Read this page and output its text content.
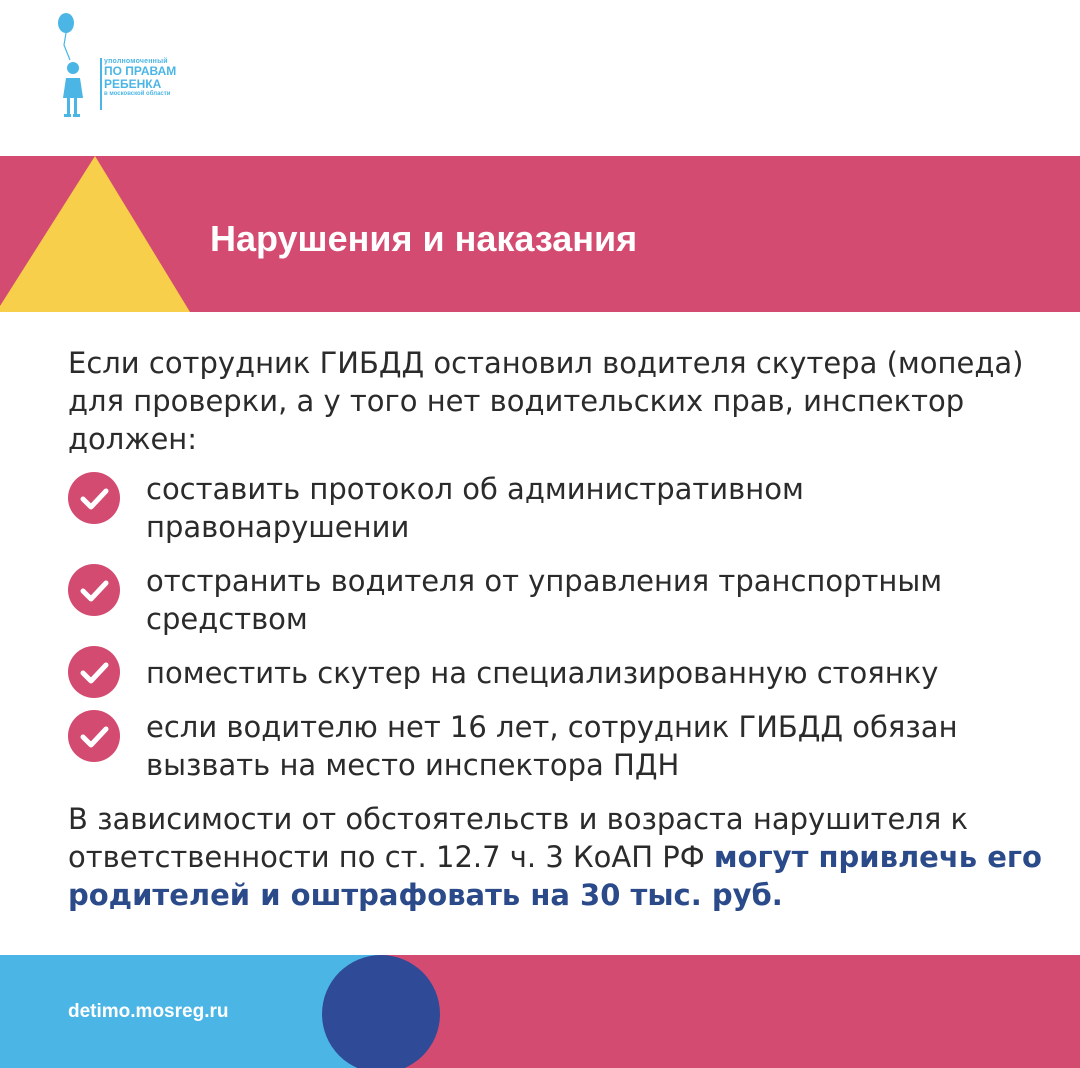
уполномоченный
ПО ПРАВАМ
РЕБЕНКА
в московской области
Нарушения и наказания

Если сотрудник ГИБДД остановил водителя скутера (мопеда) для проверки, а у того нет водительских прав, инспектор должен:

составить протокол об административном правонарушении
отстранить водителя от управления транспортным средством
поместить скутер на специализированную стоянку
если водителю нет 16 лет, сотрудник ГИБДД обязан вызвать на место инспектора ПДН

В зависимости от обстоятельств и возраста нарушителя к ответственности по ст. 12.7 ч. 3 КоАП РФ могут привлечь его родителей и оштрафовать на 30 тыс. руб.

detimo.mosreg.ru
